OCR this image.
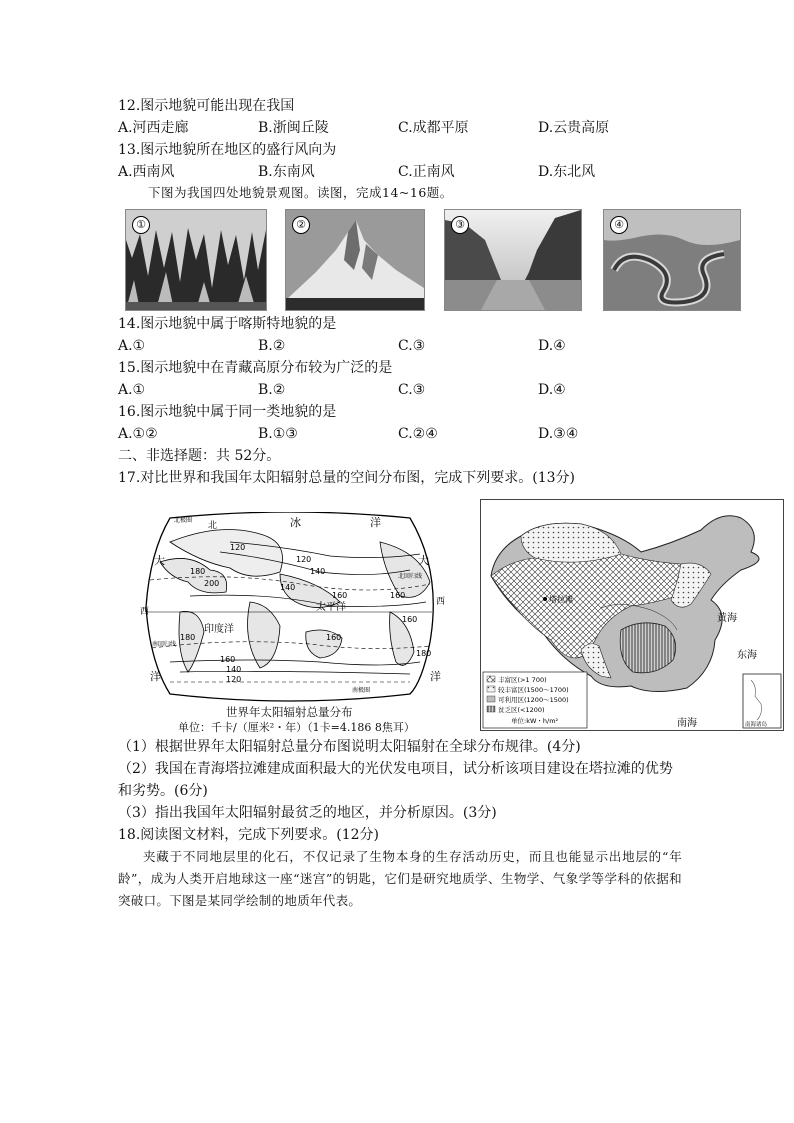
12.图示地貌可能出现在我国
A.河西走廊	B.浙闽丘陵	C.成都平原	D.云贵高原
13.图示地貌所在地区的盛行风向为
A.西南风	B.东南风	C.正南风	D.东北风
下图为我国四处地貌景观图。读图，完成14~16题。
①	②	③	④
14.图示地貌中属于喀斯特地貌的是
A.①	B.②	C.③	D.④
15.图示地貌中在青藏高原分布较为广泛的是
A.①	B.②	C.③	D.④
16.图示地貌中属于同一类地貌的是
A.①②	B.①③	C.②④	D.③④
二、非选择题：共 52分。
17.对比世界和我国年太阳辐射总量的空间分布图，完成下列要求。(13分)
北	冰	洋
大	大
太平洋
印度洋
西
西
洋	洋
北极圈
北回归线
南回归线
南极圈
120
140
160
180
200	140
120
160
160
180
160
140
120
160
180
世界年太阳辐射总量分布
单位：千卡/（厘米²・年）（1卡=4.186 8焦耳）
塔拉滩
黄海
东海
南海	南海诸岛
丰富区(>1 700)
较丰富区(1500～1700)
可利用区(1200～1500)
贫乏区(<1200)
单位:kW・h/m²
（1）根据世界年太阳辐射总量分布图说明太阳辐射在全球分布规律。(4分)
（2）我国在青海塔拉滩建成面积最大的光伏发电项目，试分析该项目建设在塔拉滩的优势
和劣势。(6分)
（3）指出我国年太阳辐射最贫乏的地区，并分析原因。(3分)
18.阅读图文材料，完成下列要求。(12分)
夹藏于不同地层里的化石，不仅记录了生物本身的生存活动历史，而且也能显示出地层的“年龄”，成为人类开启地球这一座“迷宫”的钥匙，它们是研究地质学、生物学、气象学等学科的依据和突破口。下图是某同学绘制的地质年代表。
